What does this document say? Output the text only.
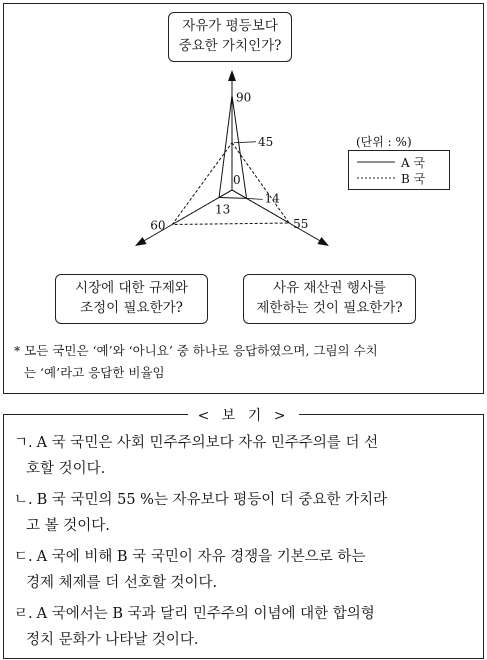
90
45
13
14
60	55
0
자유가 평등보다
중요한 가치인가?
시장에 대한 규제와
조정이 필요한가?
사유 재산권 행사를
제한하는 것이 필요한가?
(단위 : %)
A 국
B 국
* 모든 국민은 ‘예’와 ‘아니요’ 중 하나로 응답하였으며, 그림의 수치
는 ‘예’라고 응답한 비율임
< 보 기 >
ㄱ. A 국 국민은 사회 민주주의보다 자유 민주주의를 더 선
호할 것이다.
ㄴ. B 국 국민의 55 %는 자유보다 평등이 더 중요한 가치라
고 볼 것이다.
ㄷ. A 국에 비해 B 국 국민이 자유 경쟁을 기본으로 하는
경제 체제를 더 선호할 것이다.
ㄹ. A 국에서는 B 국과 달리 민주주의 이념에 대한 합의형
정치 문화가 나타날 것이다.
